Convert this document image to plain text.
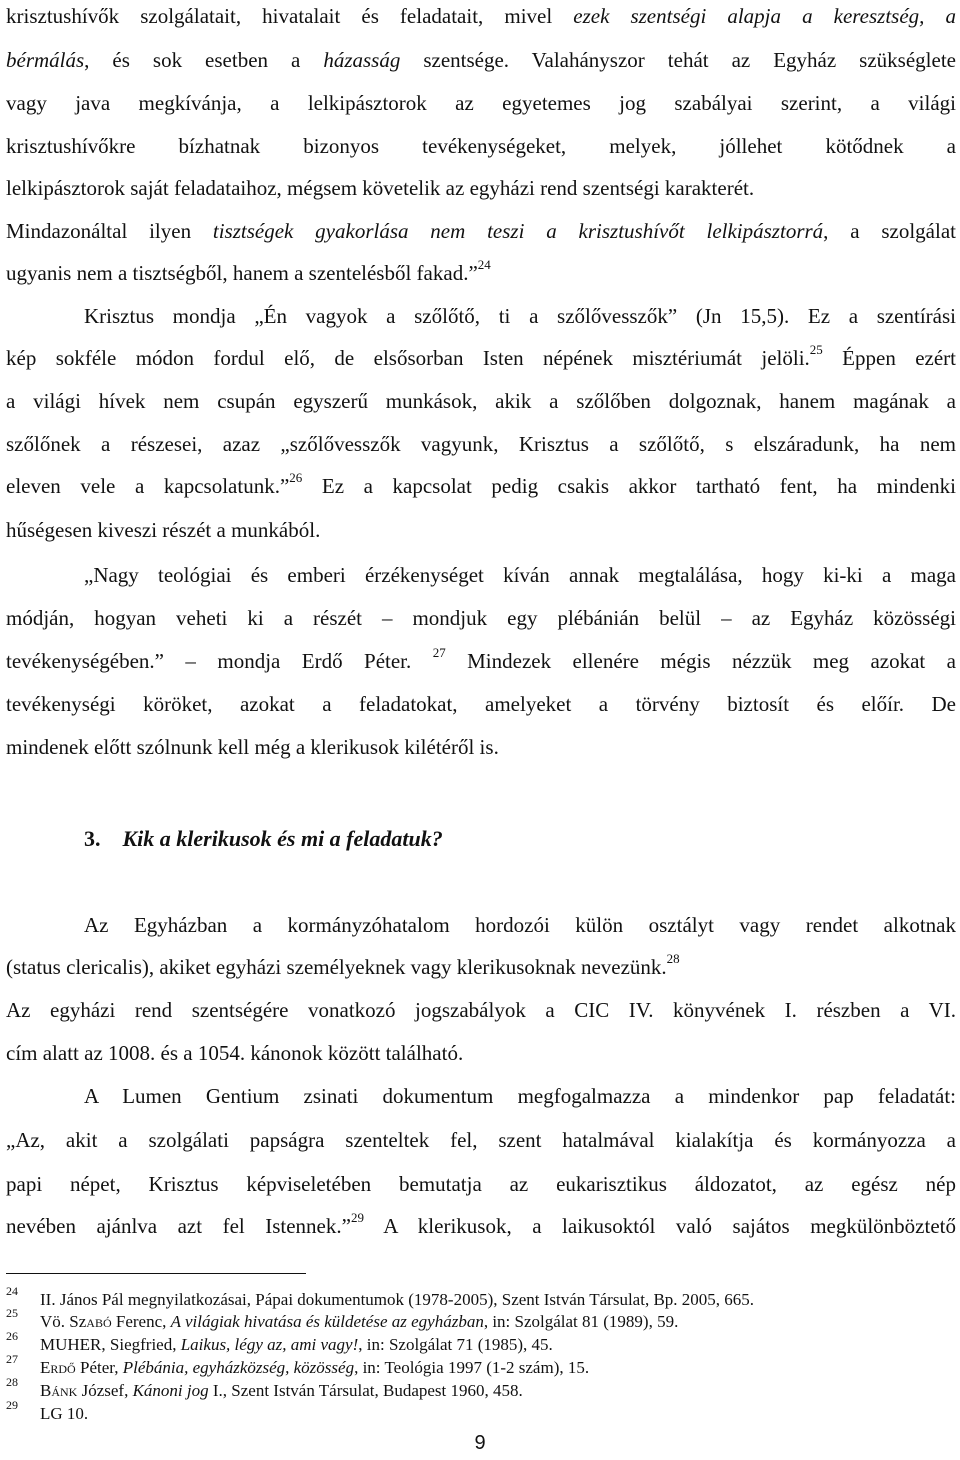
krisztushívők szolgálatait, hivatalait és feladatait, mivel ezek szentségi alapja a keresztség, a
bérmálás, és sok esetben a házasság szentsége. Valahányszor tehát az Egyház szükséglete
vagy java megkívánja, a lelkipásztorok az egyetemes jog szabályai szerint, a világi
krisztushívőkre bízhatnak bizonyos tevékenységeket, melyek, jóllehet kötődnek a
lelkipásztorok saját feladataihoz, mégsem követelik az egyházi rend szentségi karakterét.
Mindazonáltal ilyen tisztségek gyakorlása nem teszi a krisztushívőt lelkipásztorrá, a szolgálat
ugyanis nem a tisztségből, hanem a szentelésből fakad.”$^{24}$
Krisztus mondja „Én vagyok a szőlőtő, ti a szőlővesszők” (Jn 15,5). Ez a szentírási
kép sokféle módon fordul elő, de elsősorban Isten népének misztériumát jelöli.$^{25}$ Éppen ezért
a világi hívek nem csupán egyszerű munkások, akik a szőlőben dolgoznak, hanem magának a
szőlőnek a részesei, azaz „szőlővesszők vagyunk, Krisztus a szőlőtő, s elszáradunk, ha nem
eleven vele a kapcsolatunk.”$^{26}$ Ez a kapcsolat pedig csakis akkor tartható fent, ha mindenki
hűségesen kiveszi részét a munkából.
„Nagy teológiai és emberi érzékenységet kíván annak megtalálása, hogy ki-ki a maga
módján, hogyan veheti ki a részét – mondjuk egy plébánián belül – az Egyház közösségi
tevékenységében.” – mondja Erdő Péter. $^{27}$ Mindezek ellenére mégis nézzük meg azokat a
tevékenységi köröket, azokat a feladatokat, amelyeket a törvény biztosít és előír. De
mindenek előtt szólnunk kell még a klerikusok kilétéről is.
3. Kik a klerikusok és mi a feladatuk?
Az Egyházban a kormányzóhatalom hordozói külön osztályt vagy rendet alkotnak
(status clericalis), akiket egyházi személyeknek vagy klerikusoknak nevezünk.$^{28}$
Az egyházi rend szentségére vonatkozó jogszabályok a CIC IV. könyvének I. részben a VI.
cím alatt az 1008. és a 1054. kánonok között található.
A Lumen Gentium zsinati dokumentum megfogalmazza a mindenkor pap feladatát:
„Az, akit a szolgálati papságra szenteltek fel, szent hatalmával kialakítja és kormányozza a
papi népet, Krisztus képviseletében bemutatja az eukarisztikus áldozatot, az egész nép
nevében ajánlva azt fel Istennek.”$^{29}$ A klerikusok, a laikusoktól való sajátos megkülönböztető
24 II. János Pál megnyilatkozásai, Pápai dokumentumok (1978-2005), Szent István Társulat, Bp. 2005, 665.
25 Vö. Szabó Ferenc, A világiak hivatása és küldetése az egyházban, in: Szolgálat 81 (1989), 59.
26 MUHER, Siegfried, Laikus, légy az, ami vagy!, in: Szolgálat 71 (1985), 45.
27 Erdő Péter, Plébánia, egyházközség, közösség, in: Teológia 1997 (1-2 szám), 15.
28 Bánk József, Kánoni jog I., Szent István Társulat, Budapest 1960, 458.
29 LG 10.
9
